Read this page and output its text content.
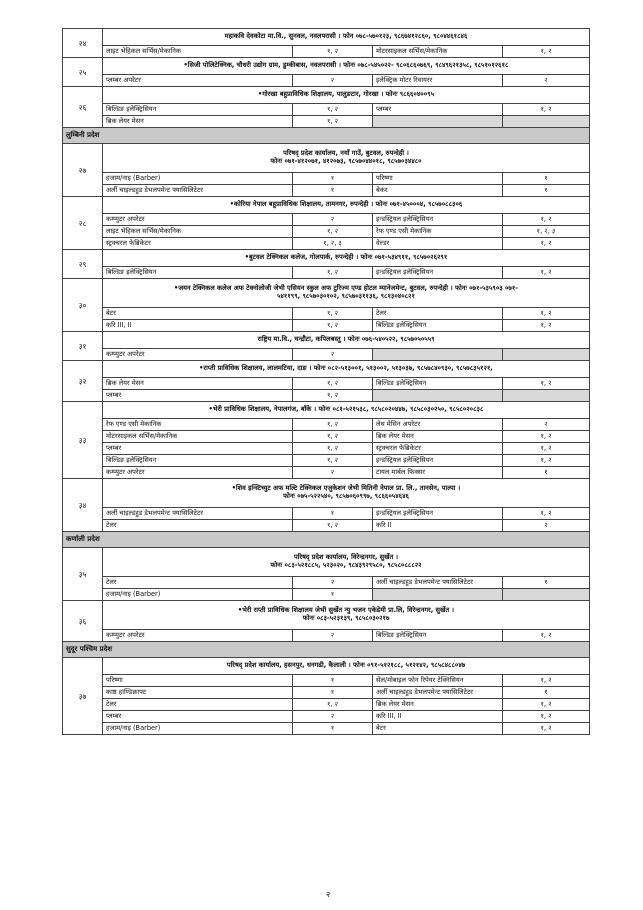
२४	महाकवि देवकोटा मा.वि., सुनवल, नवलपरासी । फोन ०७८-५७०१२३, ९८६७४१२८६०, ९८०४४६१८४६			

	लाइट भेहिकल सर्भिस/मेकानिक	१, २	मोटरसाइकल सर्भिस/मेकानिक	१, २
२५	•सिजी पोलिटेक्निक, चौधरी उद्योग ग्राम, डुम्कीबास, नवलपरासी । फोनः ०७८-५४५०२२- ९८०६८६०७६९, ९८४९६२१३५८, ९८५१०१२६१८			

	प्लम्बर अपरेटर	२	इलेक्ट्रिक मोटर रिवायरर	२
२६	•गोरखा बहुप्राविधिक शिक्षालय, पालुङटार, गोरखा । फोनः ९८६६०४००९५			

	बिल्डिङ इलेक्ट्रिसियन	१, २	प्लम्बर	१, २
	ब्रिक लेयर मेसन	१, २		
लुम्बिनी प्रदेश				
२७	परिषद् प्रदेश कार्यालय, नयाँ गाउँ, बुटवल, रुपन्देही ।
फोनः ०७१-४१२०७१, ४१२०७३, ९८५७०४४०१८, ९८५७०३४४८०			

	हजाम/नाइ (Barber)	१	परिष्णा	१
	अर्ली चाइल्डहुड डेभलपमेन्ट फ्यासिलिटेटर	१	बेकर	१
२८	•कोरिया नेपाल बहुप्राविधिक शिक्षालय, तामनगर, रुपन्देही । फोनः ०७१-४५०००४, ९८५७०८८३०६			

	कम्प्युटर अपरेटर	२	इन्डस्ट्रियल इलेक्ट्रिसियन	१, २
	लाइट भेहिकल सर्भिस/मेकानिक	१, २	रेफ एण्ड एसी मेकानिक	१, २, ३
	स्ट्रक्चरल फेब्रिकेटर	१, २, ३	वेल्डर	१, २
२९	•बुटवल टेक्निकल कलेज, गोलपार्क, रुपन्देही । फोनः ०७१-५३४९११, ९८५७०२६२९१			

	बिल्डिङ इलेक्ट्रिसियन	१, २	इन्डस्ट्रियल इलेक्ट्रिसियन	१, २
३०	•जयन टेक्निकल कलेज अफ टेक्नोलोजी जेभी एसियन स्कुल अफ टुरिज्म एण्ड होटल म्यानेजमेन्ट, बुटवल, रुपन्देही । फोनः ०७१-५३५९०३ ०७१-
५४११९९, ९८५७०३०१०२, ९८५७०३११३६, ९८१३०४०८२१			

	बेटर	१, २	टेलर	१, २
	करि III, II	१, २	बिल्डिङ इलेक्ट्रिसियन	१, २
३१	राष्ट्रिय मा.वि., चन्द्रौटा, कपिलबस्तु । फोनः ०७६-५४०५२२, ९८५७०५०५५९			

	कम्प्युटर अपरेटर	२		
३२	•राप्ती प्राविधिक शिक्षालय, लालमटिया, दाङ । फोनः ०८२-५१३००१, ५१३००२, ५१३०३७, ९८५७८४०९३०, ९८५७८३५१२१,			

	ब्रिक लेयर मेसन	१, २	बिल्डिङ इलेक्ट्रिसियन	१, २
	प्लम्बर	१, २		
३३	•भेरी प्राविधिक शिक्षालय, नेपालगंज, बाँके । फोनः ०८१-५२१५३८, ९८५८०२०४४७, ९८५८०३०२५०, ९८५८०२०८३८			

	रेफ एण्ड एसी मेकानिक	१, २	लेथ मेसिन अपरेटर	२
	मोटरसाइकल सर्भिस/मेकानिक	१, २	ब्रिक लेयर मेसन	१, २
	प्लम्बर	१, २	स्ट्रक्चरल फेब्रिकेटर	१, २
	बिल्डिङ इलेक्ट्रिसियन	१, २	इन्डस्ट्रियल इलेक्ट्रिसियन	१, २
	कम्प्युटर अपरेटर	२	टायल मार्बल फिक्सर	१
३४	•शिव इन्स्टिच्युट अफ मल्टि टेक्निकल एजुकेशन जेभी मितिनी नेपाल प्रा. लि., तानसेन, पाल्पा ।
फोनः ०७५-५२२५४०, ९८५७०६०९९७, ९८६६०५४६४६			

	अर्ली चाइल्डहुड डेभलपमेन्ट फ्यासिलिटेटर	१	इन्डस्ट्रियल इलेक्ट्रिसियन	१, २
	टेलर	१, २	करि II	२
कर्णाली प्रदेश				
३५	परिषद् प्रदेश कार्यालय, विरेन्द्रनगर, सुर्खेत ।
फोनः ०८३-५२१८८५, ५२३०२०, ९८४३९२९५८०, ९८५८०८८८२२			

	टेलर	२	अर्ली चाइल्डहुड डेभलपमेन्ट फ्यासिलिटेटर	१
	हजाम/नाइ (Barber)	१		
३६	•भेरी राप्ती प्राविधिक शिक्षालय जेभी सुर्खेत न्यु भजन एकेडेमी प्रा.लि, विरेन्द्रनगर, सुर्खेत ।
फोनः ०८३-५२३१३९, ९८५८०३०२१७			

	कम्प्युटर अपरेटर	२	बिल्डिङ इलेक्ट्रिसियन	१, २
सुदूर पश्चिम प्रदेश				
३७	परिषद् प्रदेश कार्यालय, हसनपुर, धनगढी, कैलाली । फोनः ०९१-५१२१८८, ५१२१४२, ९८५८४८८०४७			

	परिष्णा	१	सेल/मोबाइल फोन रिपेयर टेक्निसियन	१, २
	काष्ठ हाण्डिक्राफ्ट	१	अर्ली चाइल्डहुड डेभलपमेन्ट फ्यासिलिटेटर	१
	टेलर	१, २	ब्रिक लेयर मेसन	१, २
	प्लम्बर	२	करि III, II	१, २
	हजाम/नाइ (Barber)	१	बेटर	१, २
२
